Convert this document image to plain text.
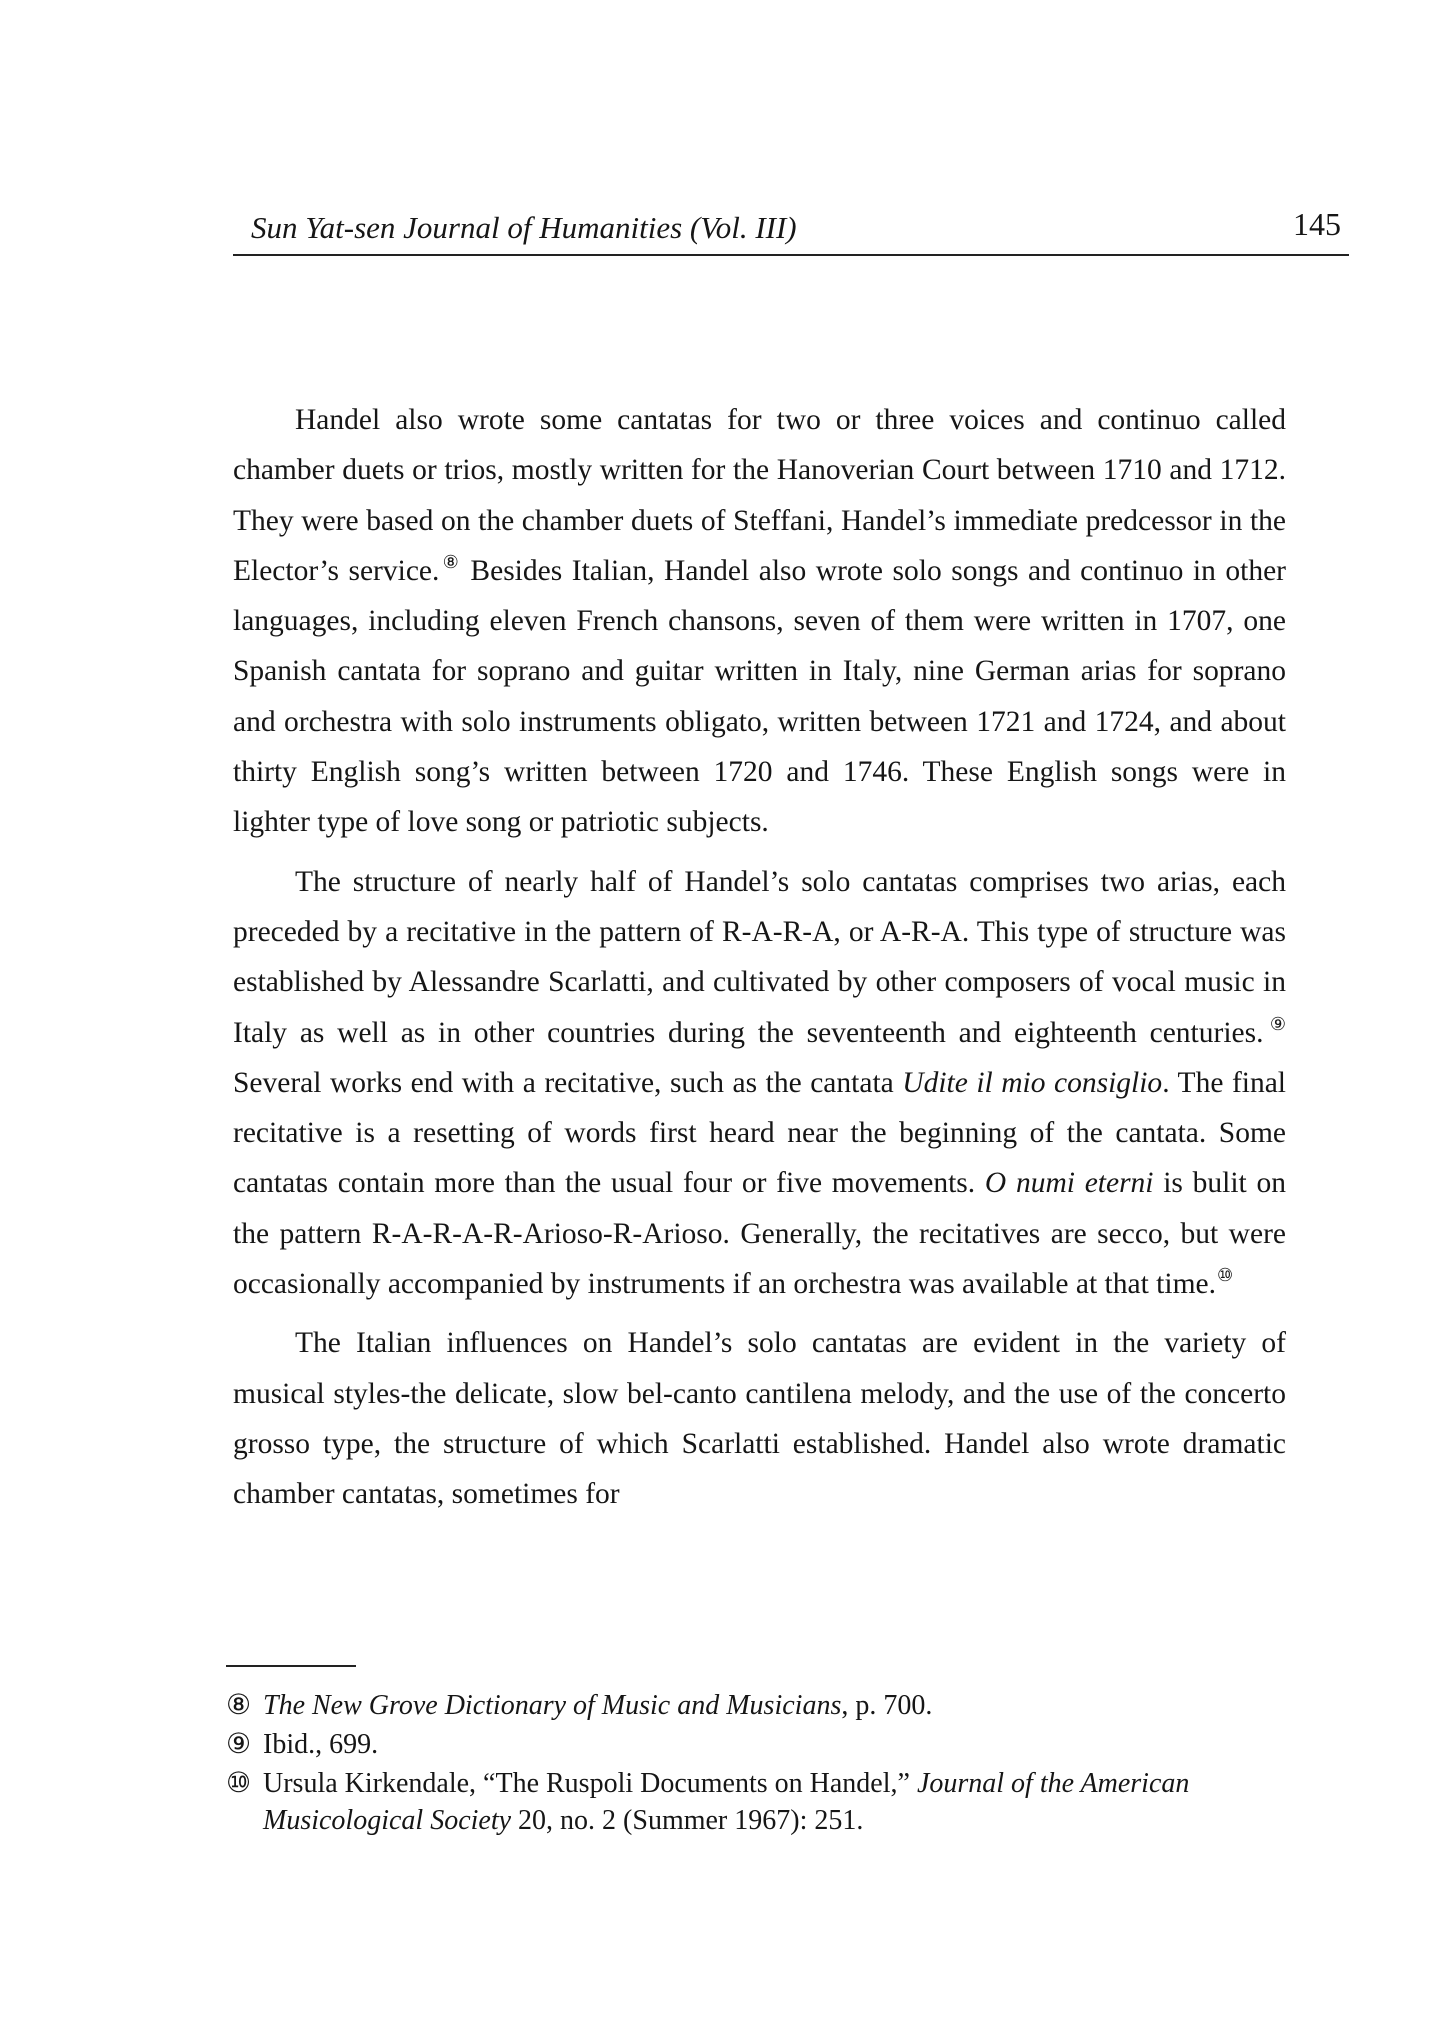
Sun Yat-sen Journal of Humanities (Vol. III)	145

Handel also wrote some cantatas for two or three voices and continuo called chamber duets or trios, mostly written for the Hanoverian Court between 1710 and 1712. They were based on the chamber duets of Steffani, Handel’s immediate predcessor in the Elector’s service.⑧ Besides Italian, Handel also wrote solo songs and continuo in other languages, including eleven French chansons, seven of them were written in 1707, one Spanish cantata for soprano and guitar written in Italy, nine German arias for soprano and orchestra with solo instruments obligato, written between 1721 and 1724, and about thirty English song’s written between 1720 and 1746. These English songs were in lighter type of love song or patriotic subjects.

The structure of nearly half of Handel’s solo cantatas comprises two arias, each preceded by a recitative in the pattern of R-A-R-A, or A-R-A. This type of structure was established by Alessandre Scarlatti, and cultivated by other composers of vocal music in Italy as well as in other countries during the seventeenth and eighteenth centuries.⑨ Several works end with a recitative, such as the cantata Udite il mio consiglio. The final recitative is a resetting of words first heard near the beginning of the cantata. Some cantatas contain more than the usual four or five movements. O numi eterni is bulit on the pattern R-A-R-A-R-Arioso-R-Arioso. Generally, the recitatives are secco, but were occasionally accompanied by instruments if an orchestra was available at that time.⑩

The Italian influences on Handel’s solo cantatas are evident in the variety of musical styles-the delicate, slow bel-canto cantilena melody, and the use of the concerto grosso type, the structure of which Scarlatti established. Handel also wrote dramatic chamber cantatas, sometimes for

⑧ The New Grove Dictionary of Music and Musicians, p. 700.
⑨ Ibid., 699.
⑩ Ursula Kirkendale, “The Ruspoli Documents on Handel,” Journal of the American Musicological Society 20, no. 2 (Summer 1967): 251.
